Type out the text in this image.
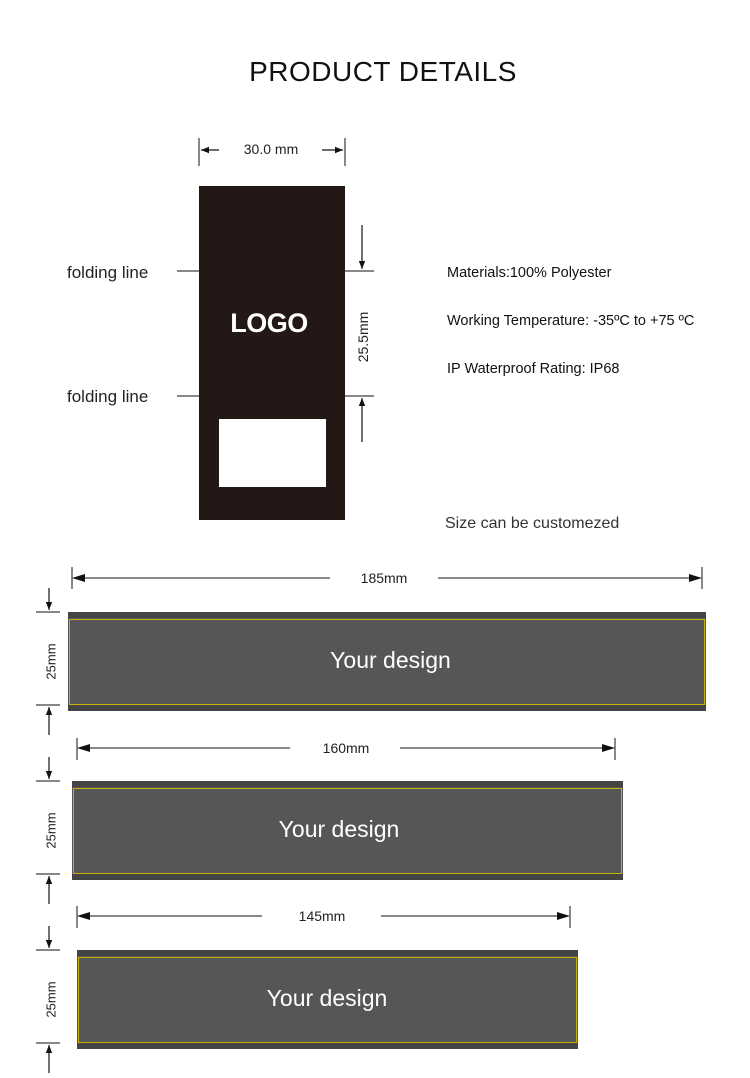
PRODUCT DETAILS
30.0 mm
LOGO
folding line
folding line
25.5mm
Materials:100% Polyester
Working Temperature: -35ºC to +75 ºC
IP Waterproof Rating: IP68
Size can be customezed
185mm
Your design
25mm
160mm
Your design
25mm
145mm
Your design
25mm
